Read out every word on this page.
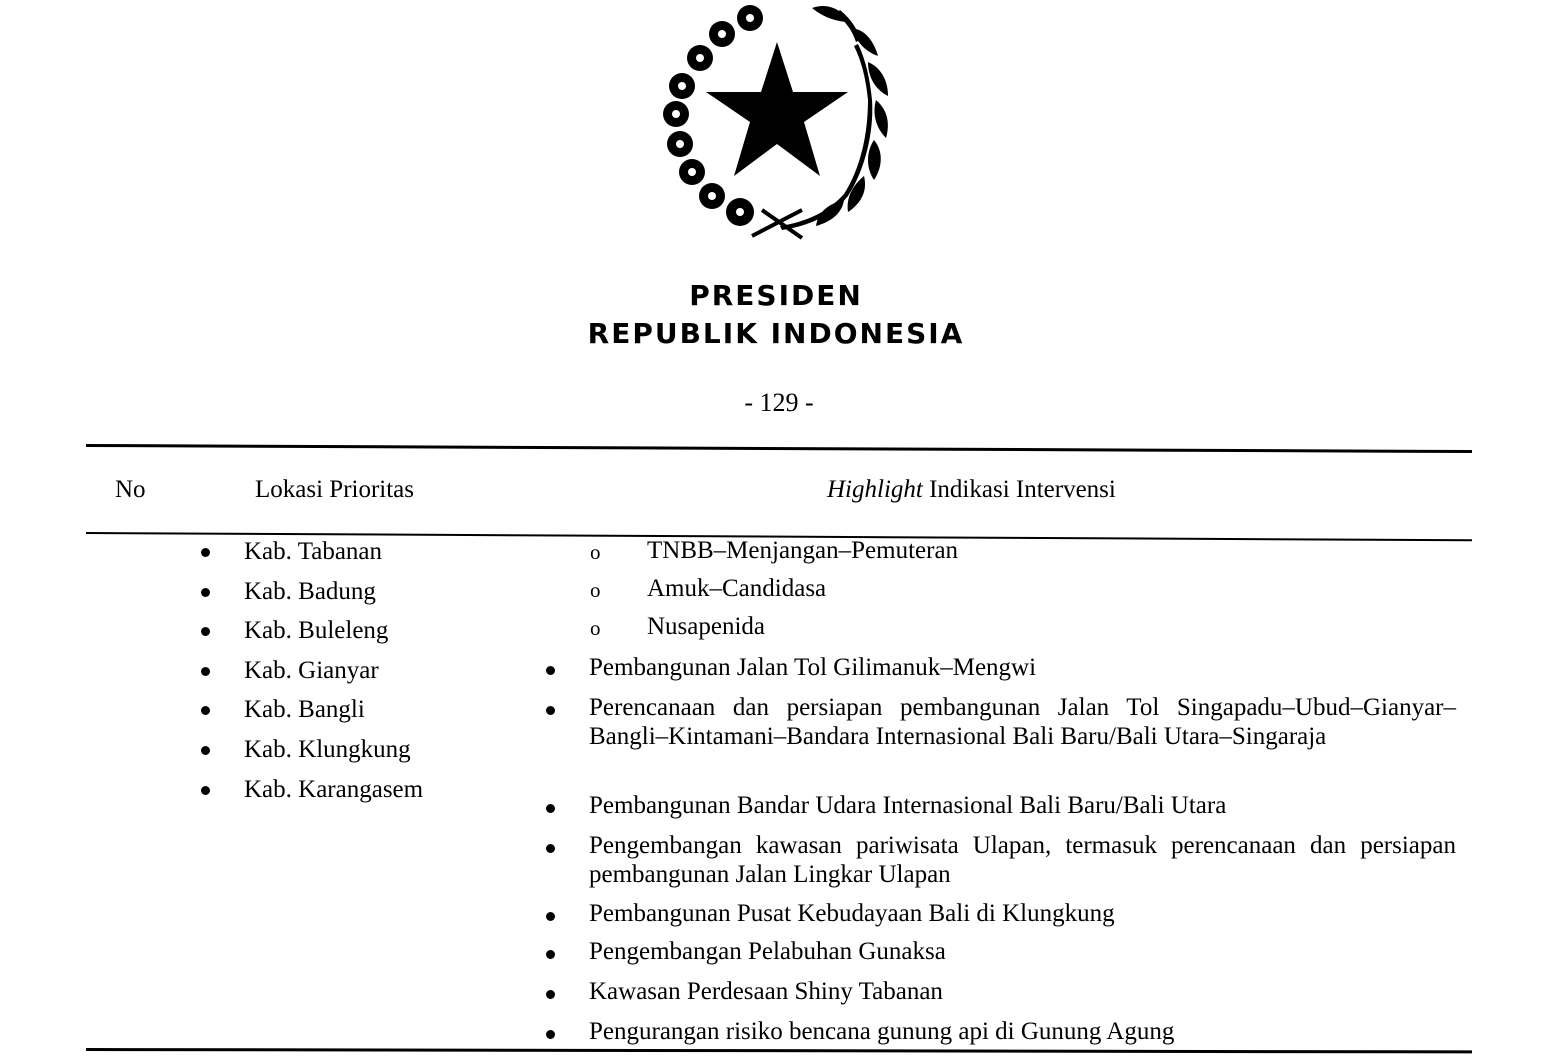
PRESIDEN
REPUBLIK INDONESIA
- 129 -
No	Lokasi Prioritas	Highlight Indikasi Intervensi
Kab. Tabanan
Kab. Badung
Kab. Buleleng
Kab. Gianyar
Kab. Bangli
Kab. Klungkung
Kab. Karangasem
o TNBB–Menjangan–Pemuteran
o Amuk–Candidasa
o Nusapenida
Pembangunan Jalan Tol Gilimanuk–Mengwi
Perencanaan dan persiapan pembangunan Jalan Tol Singapadu–Ubud–Gianyar–Bangli–Kintamani–Bandara Internasional Bali Baru/Bali Utara–Singaraja
Pembangunan Bandar Udara Internasional Bali Baru/Bali Utara
Pengembangan kawasan pariwisata Ulapan, termasuk perencanaan dan persiapan pembangunan Jalan Lingkar Ulapan
Pembangunan Pusat Kebudayaan Bali di Klungkung
Pengembangan Pelabuhan Gunaksa
Kawasan Perdesaan Shiny Tabanan
Pengurangan risiko bencana gunung api di Gunung Agung
